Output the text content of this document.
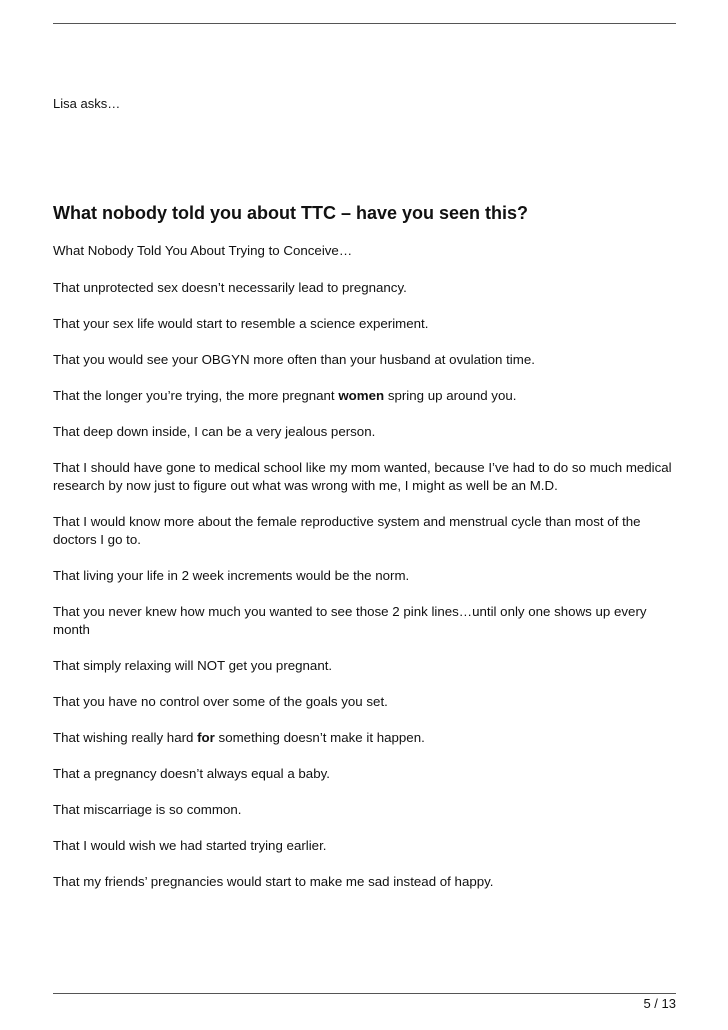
Lisa asks…
What nobody told you about TTC – have you seen this?

What Nobody Told You About Trying to Conceive…

That unprotected sex doesn’t necessarily lead to pregnancy.

That your sex life would start to resemble a science experiment.

That you would see your OBGYN more often than your husband at ovulation time.

That the longer you’re trying, the more pregnant women spring up around you.

That deep down inside, I can be a very jealous person.

That I should have gone to medical school like my mom wanted, because I’ve had to do so much medical research by now just to figure out what was wrong with me, I might as well be an M.D.

That I would know more about the female reproductive system and menstrual cycle than most of the doctors I go to.

That living your life in 2 week increments would be the norm.

That you never knew how much you wanted to see those 2 pink lines…until only one shows up every month

That simply relaxing will NOT get you pregnant.

That you have no control over some of the goals you set.

That wishing really hard for something doesn’t make it happen.

That a pregnancy doesn’t always equal a baby.

That miscarriage is so common.

That I would wish we had started trying earlier.

That my friends’ pregnancies would start to make me sad instead of happy.

5 / 13
